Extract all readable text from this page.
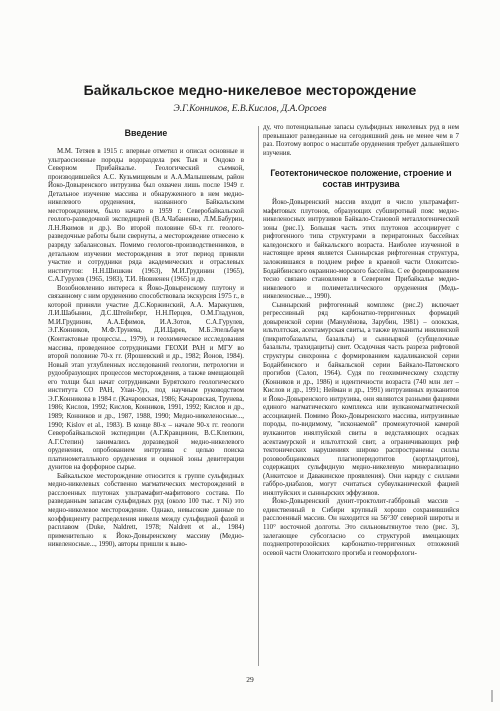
Байкальское медно-никелевое месторождение
Э.Г.Конников, Е.В.Кислов, Д.А.Орсоев
Введение

М.М. Тетяев в 1915 г. впервые отметил и описал основные и ультраосновные породы водораздела рек Тыя и Ондоко в Северном Прибайкалье. Геологический съемкой, производившейся А.С. Кузьмищевым и А.А.Малышевым, район Йоко-Довыренского интрузива был охвачен лишь после 1949 г. Детальное изучение массива и обнаруженного в нем медно-никелевого оруденения, названного Байкальским месторождением, было начато в 1959 г. Северобайкальской геолого-разведочной экспедицией (В.А.Чабаненко, Л.М.Бабурин, Л.Н.Якимов и др.). Во второй половине 60-х гг. геолого-разведочные работы были свернуты, а месторождение отнесено к разряду забалансовых. Помимо геологов-производственников, в детальном изучении месторождения в этот период приняли участие и сотрудники ряда академических и отраслевых институтов: Н.Н.Шишкин (1963), М.И.Грудинин (1965), С.А.Гурулев (1965, 1983), Т.И. Нювиенен (1965) и др.

Возобновлению интереса к Йоко-Довыренскому плутону и связанному с ним оруденению способствовала экскурсия 1975 г., в которой приняли участие Д.С.Коржинский, А.А. Маракушев, Л.И.Шабынин, Д.С.Штейнберг, Н.Н.Перцев, О.М.Гладунов, М.И.Грудинин, А.А.Ефимов, И.А.Зотов, С.А.Гурулев, Э.Г.Конников, М.Ф.Трунева, Д.И.Царев, М.Б.Эпельбаум (Контактовые процессы..., 1979), и геохимическое исследования массива, проведенное сотрудниками ГЕОХИ РАН и МГУ во второй половине 70-х гг. (Ярошевский и др., 1982; Йонов, 1984). Новый этап углубленных исследований геологии, петрологии и рудообразующих процессов месторождения, а также вмещающей его толщи был начат сотрудниками Бурятского геологического института СО РАН, Улан-Удэ, под научным руководством Э.Г.Конникова в 1984 г. (Качаровская, 1986; Качаровская, Трунева, 1986; Кислов, 1992; Кислов, Конников, 1991, 1992; Кислов и др., 1989; Конников и др., 1987, 1988, 1990; Медно-никеленосные..., 1990; Kislov et al., 1983). В конце 80-х – начале 90-х гг. геологи Северобайкальской экспедиции (А.Г.Кравцинин, В.С.Клепкин, А.Г.Степин) занимались доразведкой медно-никелевого оруденения, опробованием интрузива с целью поиска платинометалльного оруденения и оценкой зоны девитерации дунитов на форфорное сырье.

Байкальское месторождение относится к группе сульфидных медно-никелевых собственно магматических месторождений в расслоенных плутонах ультрамафит-мафитового состава. По разведанным запасам сульфидных руд (около 100 тыс. т Ni) это медно-никелевое месторождение. Однако, невысокие данные по коэффициенту распределения никеля между сульфидной фазой и расплавом (Duke, Naldrett, 1978; Naldrett et al., 1984) применительно к Йоко-Довыренскому массиву (Медно-никеленосные..., 1990), авторы пришли к выво-

ду, что потенциальные запасы сульфидных никелевых руд в нем превышают разведанные на сегодняшний день не менее чем в 7 раз. Поэтому вопрос о масштабе оруденения требует дальнейшего изучения.

Геотектоническое положение, строение и состав интрузива

Йоко-Довыренский массив входит в число ультрамафит-мафитовых плутонов, образующих субширотный пояс медно-никеленосных интрузивов Байкало-Становой металлогенической зоны (рис.1). Большая часть этих плутонов ассоциирует с рифтогенного типа структурами в периратонных бассейнах каледонского и байкальского возраста. Наиболее изученной в настоящее время является Сыннырская рифтогенная структура, заложившаяся в позднем рифее в краевой части Олокитско-Бодайбинского окраинно-морского бассейна. С ее формированием тесно связано становление в Северном Прибайкалье медно-никелевого и полиметаллического оруденения (Медь-никеленосные..., 1990).

Сыннырский рифтогенный комплекс (рис.2) включает регрессивный ряд карбонатно-терригенных формаций довыренской серии (Манулёнова, Зарубин, 1981) – олокская, ильтолтская, асектамурская свиты, а также вулканиты инялинской (пикритобазальты, базальты) и сынныркой (субщелочные базальты, трахидациты) свит. Осадочная часть разреза рифтовой структуры синхронна с формированием кадаликанской серии Бодайбинского и байкальской серии Байкало-Патомского прогибов (Салоп, 1964). Судя по геохимическому сходству (Конников и др., 1986) и идентичности возраста (740 млн лет – Кислов и др., 1991; Нейман и др., 1991) интрузивных вулканитов и Йоко-Довыренского интрузива, они являются разными фациями единого магматического комплекса или вулканомагматической ассоциацией. Помимо Йоко-Довыренского массива, интрузивные породы, по-видимому, "исконаемой" промежуточной камерой вулканитов инялтуйской свиты в ведсталяющих осадках асектамурской и ильтолтской свит, а ограничивающих риф тектонических нарушениях широко распространены силлы розовообщанковых плагиоперидотитов (кортландитов), содержащих сульфидную медно-никелевую минерализацию (Анкитское и Давакинское проявления). Они наряду с силлами габбро-диабазов, могут считаться субвулканической фацией инялтуйских и сыннырских эффузивов.

Йоко-Довыренский дунит-троктолит-габбровый массив – единственный в Сибири крупный хорошо сохранившийся расслоенный массив. Он находится на 56°30' северной широты и 110° восточной долготы. Это сильновытянутое тело (рис. 3), залегающее субсогласно со структурой вмещающих позднепротерозойских карбонатно-терригенных отложений осевой части Олокитского прогиба и геоморфологи-

29
